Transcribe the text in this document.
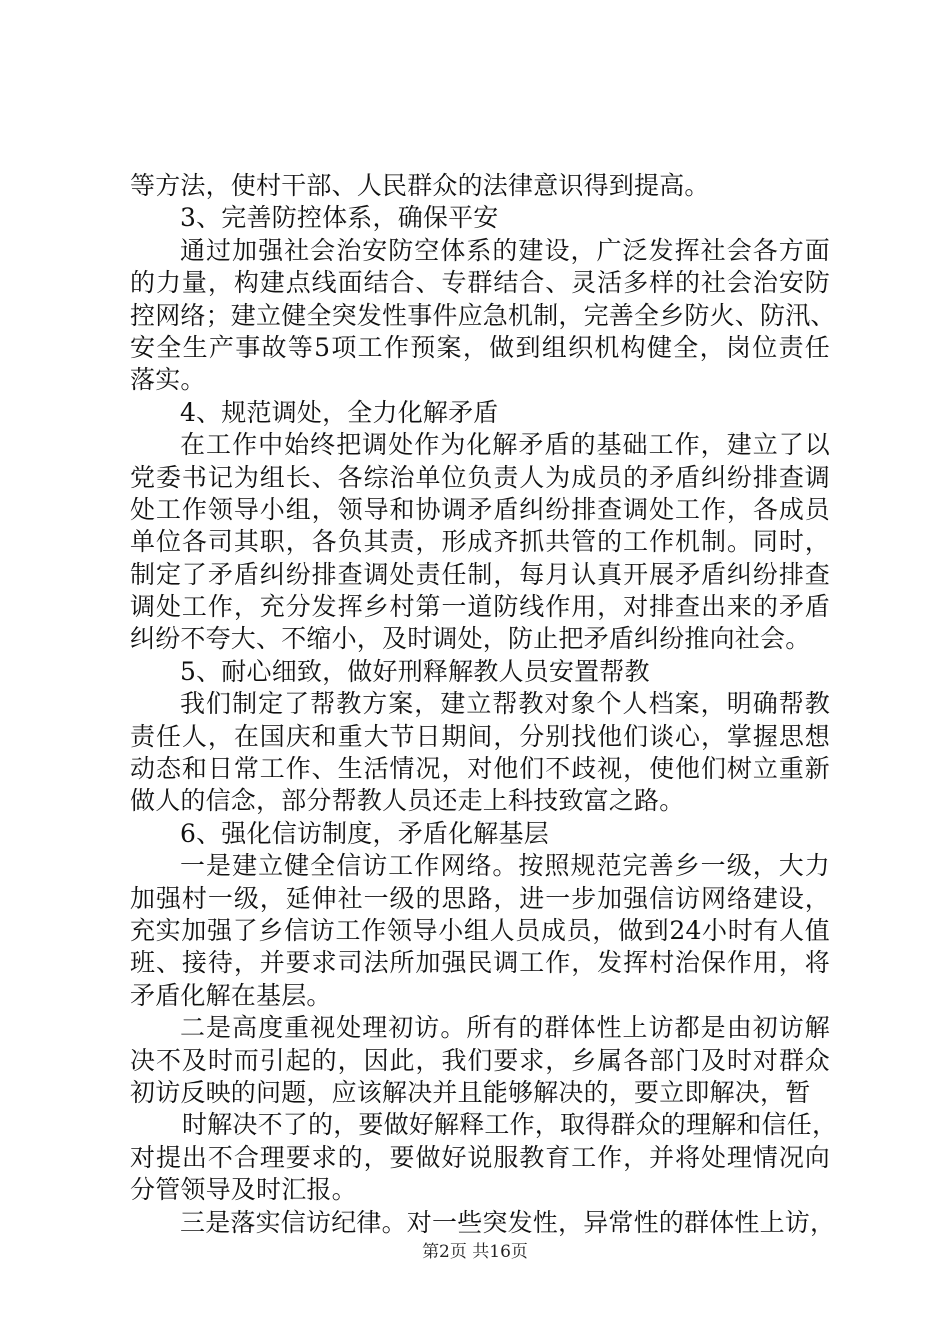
等方法，使村干部、人民群众的法律意识得到提高。
3、完善防控体系，确保平安
通过加强社会治安防空体系的建设，广泛发挥社会各方面
的力量，构建点线面结合、专群结合、灵活多样的社会治安防
控网络；建立健全突发性事件应急机制，完善全乡防火、防汛、
安全生产事故等5项工作预案，做到组织机构健全，岗位责任
落实。
4、规范调处，全力化解矛盾
在工作中始终把调处作为化解矛盾的基础工作，建立了以
党委书记为组长、各综治单位负责人为成员的矛盾纠纷排查调
处工作领导小组，领导和协调矛盾纠纷排查调处工作，各成员
单位各司其职，各负其责，形成齐抓共管的工作机制。同时，
制定了矛盾纠纷排查调处责任制，每月认真开展矛盾纠纷排查
调处工作，充分发挥乡村第一道防线作用，对排查出来的矛盾
纠纷不夸大、不缩小，及时调处，防止把矛盾纠纷推向社会。
5、耐心细致，做好刑释解教人员安置帮教
我们制定了帮教方案，建立帮教对象个人档案，明确帮教
责任人，在国庆和重大节日期间，分别找他们谈心，掌握思想
动态和日常工作、生活情况，对他们不歧视，使他们树立重新
做人的信念，部分帮教人员还走上科技致富之路。
6、强化信访制度，矛盾化解基层
一是建立健全信访工作网络。按照规范完善乡一级，大力
加强村一级，延伸社一级的思路，进一步加强信访网络建设，
充实加强了乡信访工作领导小组人员成员，做到24小时有人值
班、接待，并要求司法所加强民调工作，发挥村治保作用，将
矛盾化解在基层。
二是高度重视处理初访。所有的群体性上访都是由初访解
决不及时而引起的，因此，我们要求，乡属各部门及时对群众
初访反映的问题，应该解决并且能够解决的，要立即解决，暂
时解决不了的，要做好解释工作，取得群众的理解和信任，
对提出不合理要求的，要做好说服教育工作，并将处理情况向
分管领导及时汇报。
三是落实信访纪律。对一些突发性，异常性的群体性上访，
第2页 共16页
